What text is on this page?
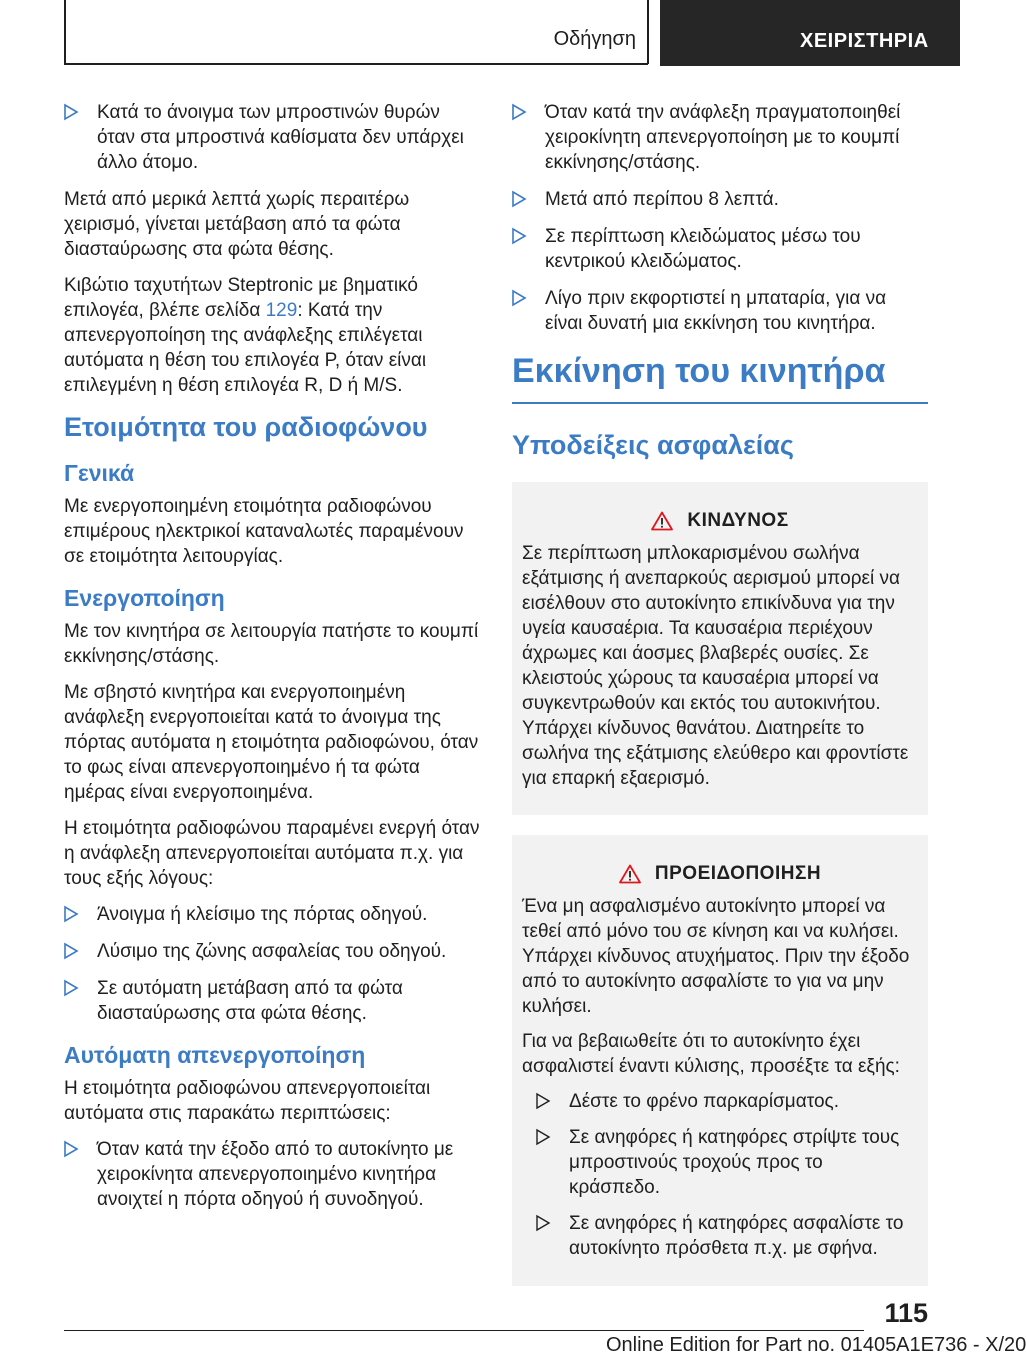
Οδήγηση	ΧΕΙΡΙΣΤΗΡΙΑ
Κατά το άνοιγμα των μπροστινών θυρών όταν στα μπροστινά καθίσματα δεν υπάρχει άλλο άτομο.

Μετά από μερικά λεπτά χωρίς περαιτέρω χειρισμό, γίνεται μετάβαση από τα φώτα διασταύρωσης στα φώτα θέσης.

Κιβώτιο ταχυτήτων Steptronic με βηματικό επιλογέα, βλέπε σελίδα 129: Κατά την απενεργοποίηση της ανάφλεξης επιλέγεται αυτόματα η θέση του επιλογέα P, όταν είναι επιλεγμένη η θέση επιλογέα R, D ή M/S.

Ετοιμότητα του ραδιοφώνου
Γενικά

Με ενεργοποιημένη ετοιμότητα ραδιοφώνου επιμέρους ηλεκτρικοί καταναλωτές παραμένουν σε ετοιμότητα λειτουργίας.

Ενεργοποίηση

Με τον κινητήρα σε λειτουργία πατήστε το κουμπί εκκίνησης/στάσης.

Με σβηστό κινητήρα και ενεργοποιημένη ανάφλεξη ενεργοποιείται κατά το άνοιγμα της πόρτας αυτόματα η ετοιμότητα ραδιοφώνου, όταν το φως είναι απενεργοποιημένο ή τα φώτα ημέρας είναι ενεργοποιημένα.

Η ετοιμότητα ραδιοφώνου παραμένει ενεργή όταν η ανάφλεξη απενεργοποιείται αυτόματα π.χ. για τους εξής λόγους:

Άνοιγμα ή κλείσιμο της πόρτας οδηγού.
Λύσιμο της ζώνης ασφαλείας του οδηγού.
Σε αυτόματη μετάβαση από τα φώτα διασταύρωσης στα φώτα θέσης.
Αυτόματη απενεργοποίηση

Η ετοιμότητα ραδιοφώνου απενεργοποιείται αυτόματα στις παρακάτω περιπτώσεις:

Όταν κατά την έξοδο από το αυτοκίνητο με χειροκίνητα απενεργοποιημένο κινητήρα ανοιχτεί η πόρτα οδηγού ή συνοδηγού.
Όταν κατά την ανάφλεξη πραγματοποιηθεί χειροκίνητη απενεργοποίηση με το κουμπί εκκίνησης/στάσης.
Μετά από περίπου 8 λεπτά.
Σε περίπτωση κλειδώματος μέσω του κεντρικού κλειδώματος.
Λίγο πριν εκφορτιστεί η μπαταρία, για να είναι δυνατή μια εκκίνηση του κινητήρα.
Εκκίνηση του κινητήρα
Υποδείξεις ασφαλείας
ΚΙΝΔΥΝΟΣ

Σε περίπτωση μπλοκαρισμένου σωλήνα εξάτμισης ή ανεπαρκούς αερισμού μπορεί να εισέλθουν στο αυτοκίνητο επικίνδυνα για την υγεία καυσαέρια. Τα καυσαέρια περιέχουν άχρωμες και άοσμες βλαβερές ουσίες. Σε κλειστούς χώρους τα καυσαέρια μπορεί να συγκεντρωθούν και εκτός του αυτοκινήτου. Υπάρχει κίνδυνος θανάτου. Διατηρείτε το σωλήνα της εξάτμισης ελεύθερο και φροντίστε για επαρκή εξαερισμό.

ΠΡΟΕΙΔΟΠΟΙΗΣΗ

Ένα μη ασφαλισμένο αυτοκίνητο μπορεί να τεθεί από μόνο του σε κίνηση και να κυλήσει. Υπάρχει κίνδυνος ατυχήματος. Πριν την έξοδο από το αυτοκίνητο ασφαλίστε το για να μην κυλήσει.

Για να βεβαιωθείτε ότι το αυτοκίνητο έχει ασφαλιστεί έναντι κύλισης, προσέξτε τα εξής:

Δέστε το φρένο παρκαρίσματος.
Σε ανηφόρες ή κατηφόρες στρίψτε τους μπροστινούς τροχούς προς το κράσπεδο.
Σε ανηφόρες ή κατηφόρες ασφαλίστε το αυτοκίνητο πρόσθετα π.χ. με σφήνα.
115
Online Edition for Part no. 01405A1E736 - X/20
